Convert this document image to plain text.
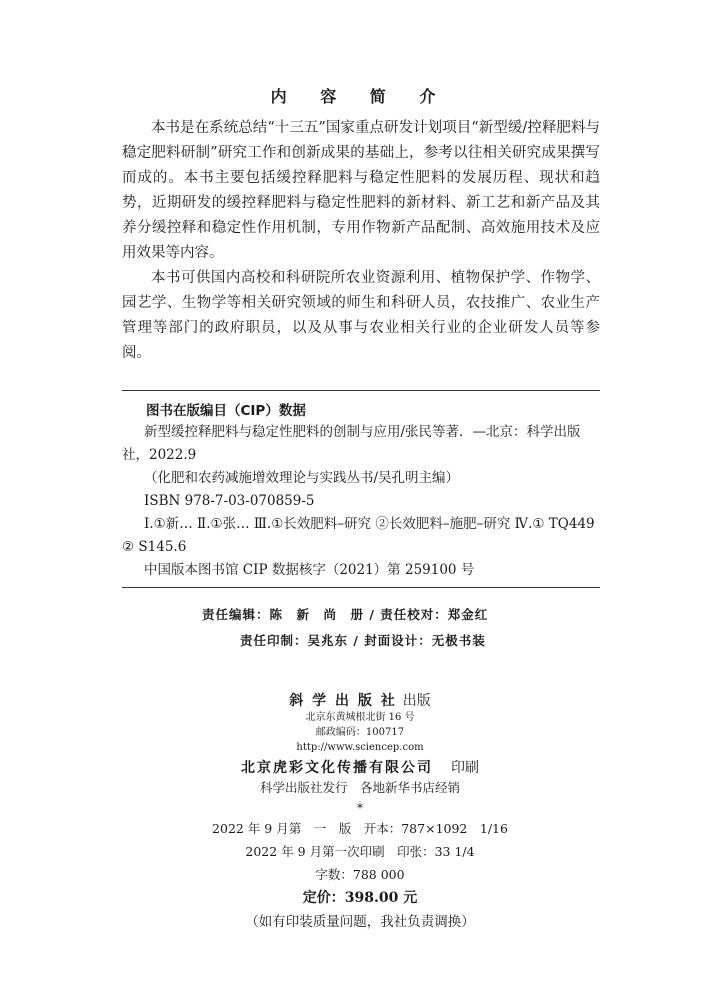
内 容 简 介

本书是在系统总结“十三五”国家重点研发计划项目“新型缓/控释肥料与稳定肥料研制”研究工作和创新成果的基础上，参考以往相关研究成果撰写而成的。本书主要包括缓控释肥料与稳定性肥料的发展历程、现状和趋势，近期研发的缓控释肥料与稳定性肥料的新材料、新工艺和新产品及其养分缓控释和稳定性作用机制，专用作物新产品配制、高效施用技术及应用效果等内容。

本书可供国内高校和科研院所农业资源利用、植物保护学、作物学、园艺学、生物学等相关研究领域的师生和科研人员，农技推广、农业生产管理等部门的政府职员，以及从事与农业相关行业的企业研发人员等参阅。

图书在版编目（CIP）数据

新型缓控释肥料与稳定性肥料的创制与应用/张民等著．—北京：科学出版社，2022.9

（化肥和农药减施增效理论与实践丛书/吴孔明主编）

ISBN 978-7-03-070859-5

Ⅰ.①新… Ⅱ.①张… Ⅲ.①长效肥料–研究 ②长效肥料–施肥–研究 Ⅳ.① TQ449 ② S145.6

中国版本图书馆 CIP 数据核字（2021）第 259100 号

责任编辑：陈　新　尚　册 / 责任校对：郑金红
责任印制：吴兆东 / 封面设计：无极书装
斜 学 出 版 社 出版
北京东黄城根北街 16 号
邮政编码：100717
http://www.sciencep.com
北京虎彩文化传播有限公司 印刷
科学出版社发行　各地新华书店经销
*
2022 年 9 月第　一　版　开本：787×1092　1/16
2022 年 9 月第一次印刷　印张：33 1/4
字数：788 000
定价：398.00 元
（如有印装质量问题，我社负责调换）
